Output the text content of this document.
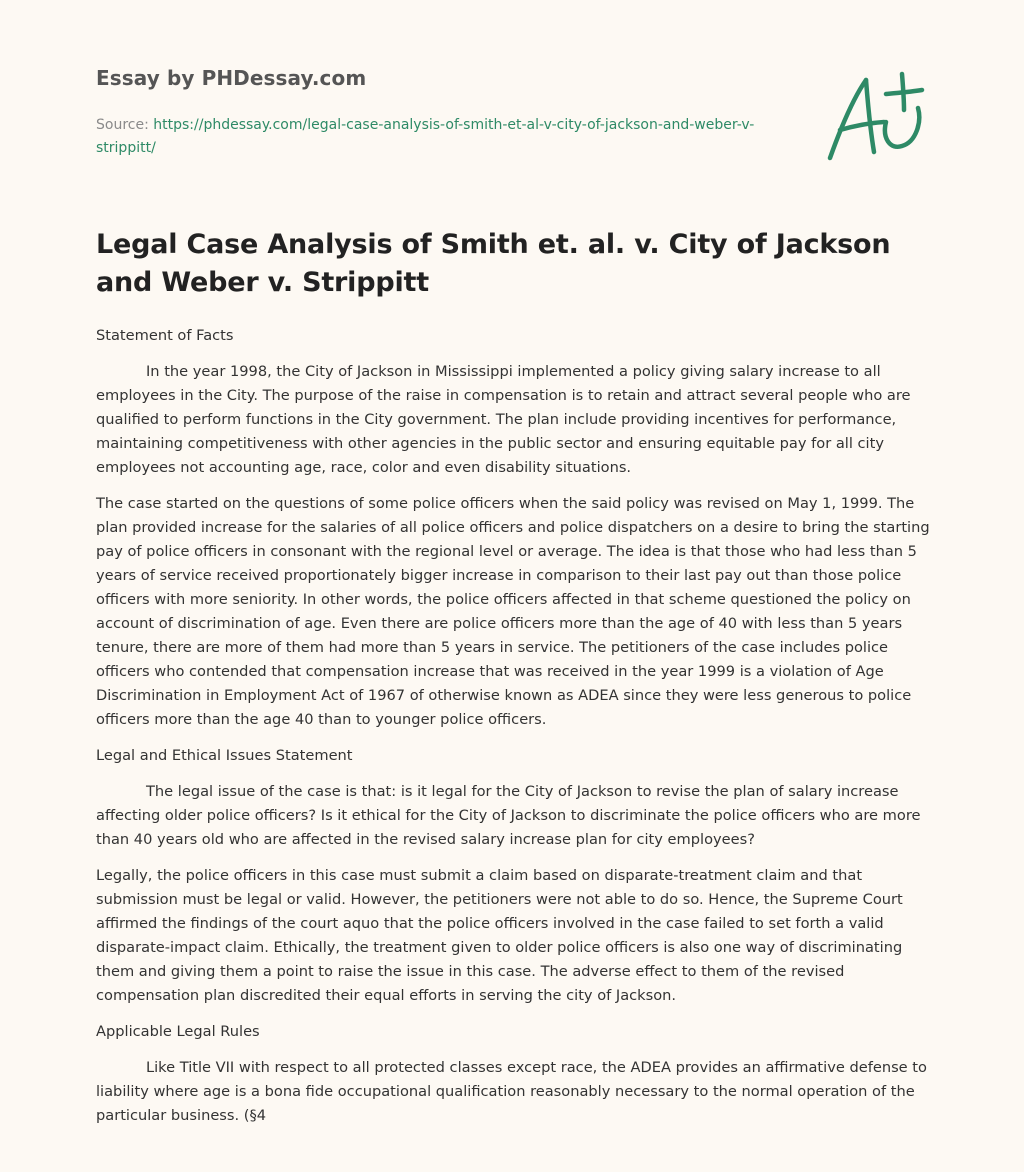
Essay by PHDessay.com
Source: https://phdessay.com/legal-case-analysis-of-smith-et-al-v-city-of-jackson-and-weber-v-strippitt/
Legal Case Analysis of Smith et. al. v. City of Jackson and Weber v. Strippitt

Statement of Facts

In the year 1998, the City of Jackson in Mississippi implemented a policy giving salary increase to all employees in the City. The purpose of the raise in compensation is to retain and attract several people who are qualified to perform functions in the City government. The plan include providing incentives for performance, maintaining competitiveness with other agencies in the public sector and ensuring equitable pay for all city employees not accounting age, race, color and even disability situations.

The case started on the questions of some police officers when the said policy was revised on May 1, 1999. The plan provided increase for the salaries of all police officers and police dispatchers on a desire to bring the starting pay of police officers in consonant with the regional level or average. The idea is that those who had less than 5 years of service received proportionately bigger increase in comparison to their last pay out than those police officers with more seniority. In other words, the police officers affected in that scheme questioned the policy on account of discrimination of age. Even there are police officers more than the age of 40 with less than 5 years tenure, there are more of them had more than 5 years in service. The petitioners of the case includes police officers who contended that compensation increase that was received in the year 1999 is a violation of Age Discrimination in Employment Act of 1967 of otherwise known as ADEA since they were less generous to police officers more than the age 40 than to younger police officers.

Legal and Ethical Issues Statement

The legal issue of the case is that: is it legal for the City of Jackson to revise the plan of salary increase affecting older police officers? Is it ethical for the City of Jackson to discriminate the police officers who are more than 40 years old who are affected in the revised salary increase plan for city employees?

Legally, the police officers in this case must submit a claim based on disparate-treatment claim and that submission must be legal or valid. However, the petitioners were not able to do so. Hence, the Supreme Court affirmed the findings of the court aquo that the police officers involved in the case failed to set forth a valid disparate-impact claim. Ethically, the treatment given to older police officers is also one way of discriminating them and giving them a point to raise the issue in this case. The adverse effect to them of the revised compensation plan discredited their equal efforts in serving the city of Jackson.

Applicable Legal Rules

Like Title VII with respect to all protected classes except race, the ADEA provides an affirmative defense to liability where age is a bona fide occupational qualification reasonably necessary to the normal operation of the particular business. (§4
